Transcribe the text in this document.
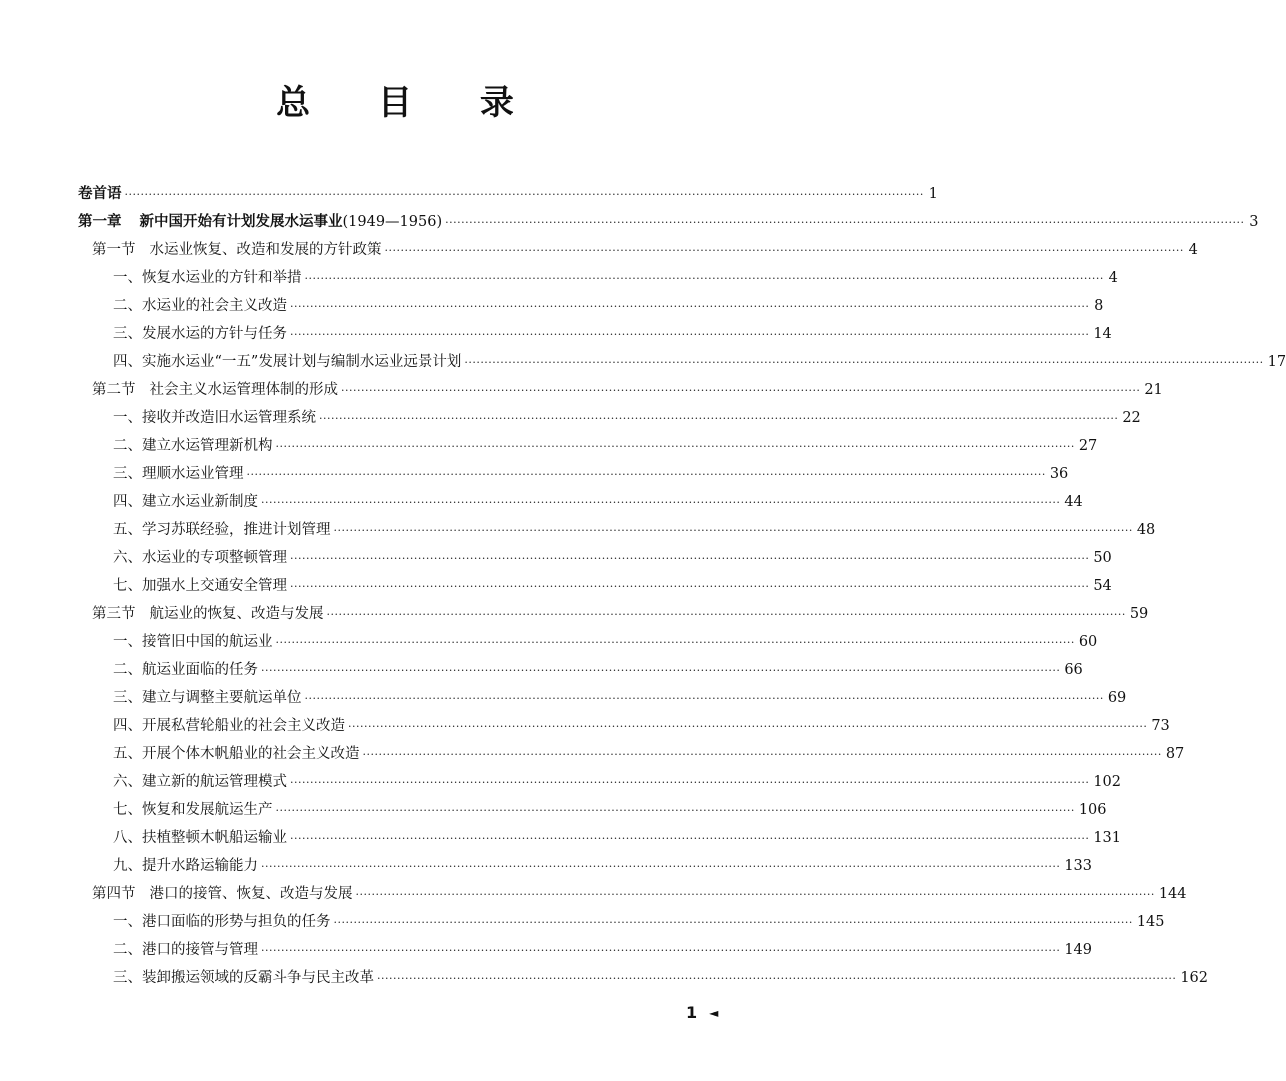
总 目 录
卷首语 ········································································································································································································ 1
第一章 新中国开始有计划发展水运事业(1949—1956) ········································································································································································································ 3
第一节 水运业恢复、改造和发展的方针政策 ········································································································································································································ 4
一、恢复水运业的方针和举措 ········································································································································································································ 4
二、水运业的社会主义改造 ········································································································································································································ 8
三、发展水运的方针与任务 ········································································································································································································ 14
四、实施水运业“一五”发展计划与编制水运业远景计划 ········································································································································································································ 17
第二节 社会主义水运管理体制的形成 ········································································································································································································ 21
一、接收并改造旧水运管理系统 ········································································································································································································ 22
二、建立水运管理新机构 ········································································································································································································ 27
三、理顺水运业管理 ········································································································································································································ 36
四、建立水运业新制度 ········································································································································································································ 44
五、学习苏联经验，推进计划管理 ········································································································································································································ 48
六、水运业的专项整顿管理 ········································································································································································································ 50
七、加强水上交通安全管理 ········································································································································································································ 54
第三节 航运业的恢复、改造与发展 ········································································································································································································ 59
一、接管旧中国的航运业 ········································································································································································································ 60
二、航运业面临的任务 ········································································································································································································ 66
三、建立与调整主要航运单位 ········································································································································································································ 69
四、开展私营轮船业的社会主义改造 ········································································································································································································ 73
五、开展个体木帆船业的社会主义改造 ········································································································································································································ 87
六、建立新的航运管理模式 ········································································································································································································ 102
七、恢复和发展航运生产 ········································································································································································································ 106
八、扶植整顿木帆船运输业 ········································································································································································································ 131
九、提升水路运输能力 ········································································································································································································ 133
第四节 港口的接管、恢复、改造与发展 ········································································································································································································ 144
一、港口面临的形势与担负的任务 ········································································································································································································ 145
二、港口的接管与管理 ········································································································································································································ 149
三、装卸搬运领域的反霸斗争与民主改革 ········································································································································································································ 162
1 ◄
